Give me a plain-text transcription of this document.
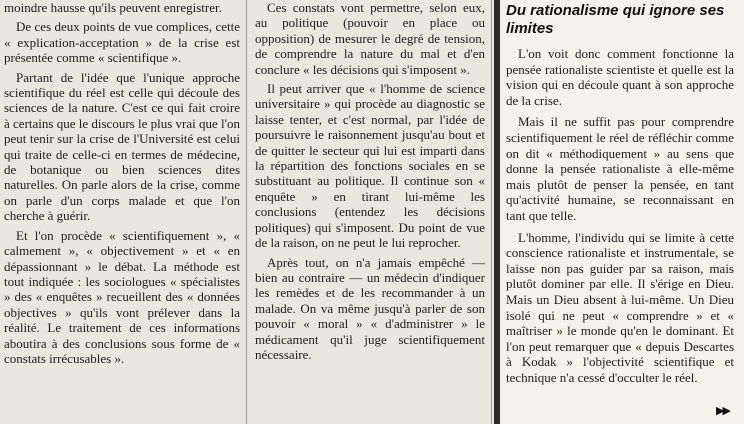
moindre hausse qu'ils peuvent enregistrer.

De ces deux points de vue complices, cette « explication-acceptation » de la crise est présentée comme « scientifique ».

Partant de l'idée que l'unique approche scientifique du réel est celle qui découle des sciences de la nature. C'est ce qui fait croire à certains que le discours le plus vrai que l'on peut tenir sur la crise de l'Université est celui qui traite de celle-ci en termes de médecine, de botanique ou bien sciences dites naturelles. On parle alors de la crise, comme on parle d'un corps malade et que l'on cherche à guérir.

Et l'on procède « scientifiquement », « calmement », « objectivement » et « en dépassionnant » le débat. La méthode est tout indiquée : les sociologues « spécialistes » des « enquêtes » recueillent des « données objectives » qu'ils vont prélever dans la réalité. Le traitement de ces informations aboutira à des conclusions sous forme de « constats irrécusables ».

Ces constats vont permettre, selon eux, au politique (pouvoir en place ou opposition) de mesurer le degré de tension, de comprendre la nature du mal et d'en conclure « les décisions qui s'imposent ».

Il peut arriver que « l'homme de science universitaire » qui procède au diagnostic se laisse tenter, et c'est normal, par l'idée de poursuivre le raisonnement jusqu'au bout et de quitter le secteur qui lui est imparti dans la répartition des fonctions sociales en se substituant au politique. Il continue son « enquête » en tirant lui-même les conclusions (entendez les décisions politiques) qui s'imposent. Du point de vue de la raison, on ne peut le lui reprocher.

Après tout, on n'a jamais empêché — bien au contraire — un médecin d'indiquer les remèdes et de les recommander à un malade. On va même jusqu'à parler de son pouvoir « moral » « d'administrer » le médicament qu'il juge scientifiquement nécessaire.

Du rationalisme qui ignore ses limites

L'on voit donc comment fonctionne la pensée rationaliste scientiste et quelle est la vision qui en découle quant à son approche de la crise.

Mais il ne suffit pas pour comprendre scientifiquement le réel de réfléchir comme on dit « méthodiquement » au sens que donne la pensée rationaliste à elle-même mais plutôt de penser la pensée, en tant qu'activité humaine, se reconnaissant en tant que telle.

L'homme, l'individu qui se limite à cette conscience rationaliste et instrumentale, se laisse non pas guider par sa raison, mais plutôt dominer par elle. Il s'érige en Dieu. Mais un Dieu absent à lui-même. Un Dieu isolé qui ne peut « comprendre » et « maîtriser » le monde qu'en le dominant. Et l'on peut remarquer que « depuis Descartes à Kodak » l'objectivité scientifique et technique n'a cessé d'occulter le réel.

▶▶
